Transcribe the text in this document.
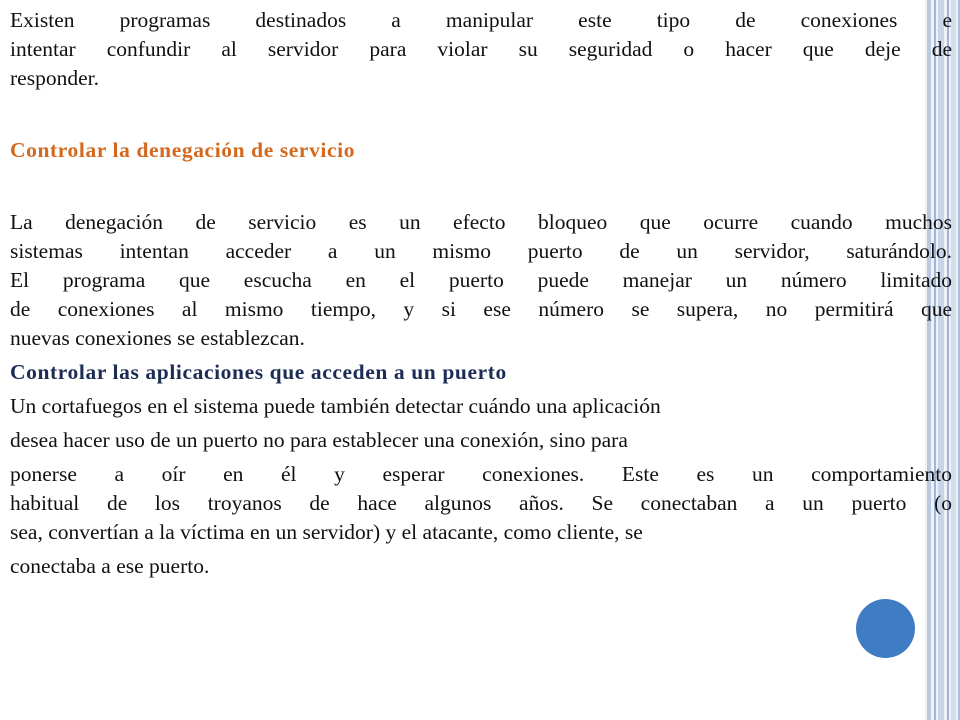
Existen programas destinados a manipular este tipo de conexiones e
intentar confundir al servidor para violar su seguridad o hacer que deje de
responder.

Controlar la denegación de servicio

La denegación de servicio es un efecto bloqueo que ocurre cuando muchos
sistemas intentan acceder a un mismo puerto de un servidor, saturándolo.
El programa que escucha en el puerto puede manejar un número limitado
de conexiones al mismo tiempo, y si ese número se supera, no permitirá que
nuevas conexiones se establezcan.

Controlar las aplicaciones que acceden a un puerto

Un cortafuegos en el sistema puede también detectar cuándo una aplicación

desea hacer uso de un puerto no para establecer una conexión, sino para

ponerse a oír en él y esperar conexiones. Este es un comportamiento
habitual de los troyanos de hace algunos años. Se conectaban a un puerto (o
sea, convertían a la víctima en un servidor) y el atacante, como cliente, se

conectaba a ese puerto.
